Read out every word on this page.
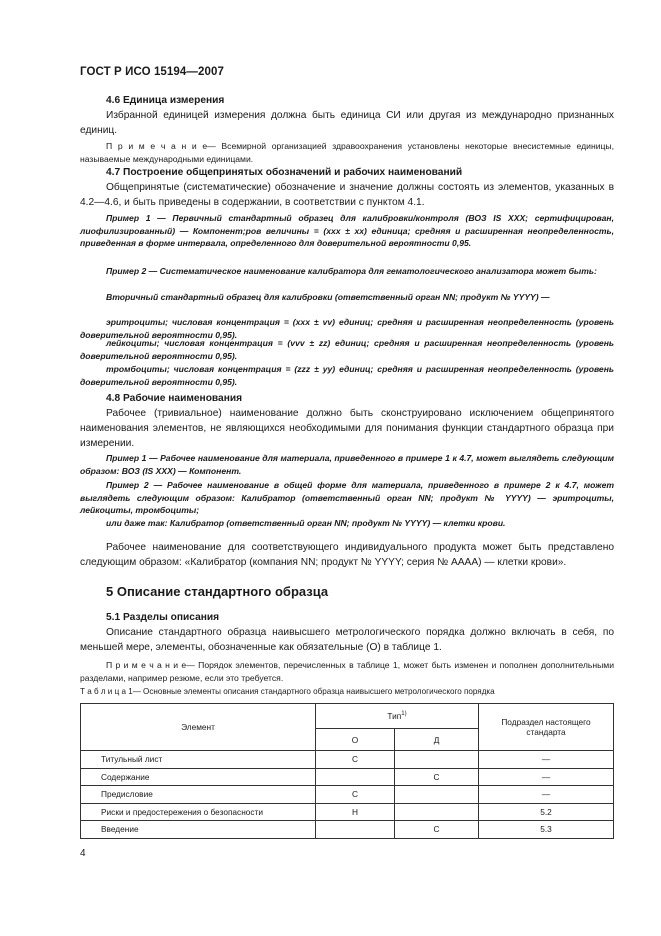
ГОСТ Р ИСО 15194—2007
4.6 Единица измерения
Избранной единицей измерения должна быть единица СИ или другая из международно признанных единиц.
П р и м е ч а н и е— Всемирной организацией здравоохранения установлены некоторые внесистемные единицы, называемые международными единицами.
4.7 Построение общепринятых обозначений и рабочих наименований
Общепринятые (систематические) обозначение и значение должны состоять из элементов, указанных в 4.2—4.6, и быть приведены в содержании, в соответствии с пунктом 4.1.
Пример 1 — Первичный стандартный образец для калибровки/контроля (ВОЗ IS XXX; сертифицирован, лиофилизированный) — Компонент;ров величины = (xxx ± xx) единица; средняя и расширенная неопределенность, приведенная в форме интервала, определенного для доверительной вероятности 0,95.
Пример 2 — Систематическое наименование калибратора для гематологического анализатора может быть:
Вторичный стандартный образец для калибровки (ответственный орган NN; продукт № YYYY) —
эритроциты; числовая концентрация = (xxx ± vv) единиц; средняя и расширенная неопределенность (уровень доверительной вероятности 0,95).
лейкоциты; числовая концентрация = (vvv ± zz) единиц; средняя и расширенная неопределенность (уровень доверительной вероятности 0,95).
тромбоциты; числовая концентрация = (zzz ± yy) единиц; средняя и расширенная неопределенность (уровень доверительной вероятности 0,95).
4.8 Рабочие наименования
Рабочее (тривиальное) наименование должно быть сконструировано исключением общепринятого наименования элементов, не являющихся необходимыми для понимания функции стандартного образца при измерении.
Пример 1 — Рабочее наименование для материала, приведенного в примере 1 к 4.7, может выглядеть следующим образом: ВОЗ (IS XXX) — Компонент.
Пример 2 — Рабочее наименование в общей форме для материала, приведенного в примере 2 к 4.7, может выглядеть следующим образом: Калибратор (ответственный орган NN; продукт № YYYY) — эритроциты, лейкоциты, тромбоциты;
или даже так: Калибратор (ответственный орган NN; продукт № YYYY) — клетки крови.
Рабочее наименование для соответствующего индивидуального продукта может быть представлено следующим образом: «Калибратор (компания NN; продукт № YYYY; серия № АААА) — клетки крови».
5 Описание стандартного образца
5.1 Разделы описания
Описание стандартного образца наивысшего метрологического порядка должно включать в себя, по меньшей мере, элементы, обозначенные как обязательные (О) в таблице 1.
П р и м е ч а н и е— Порядок элементов, перечисленных в таблице 1, может быть изменен и пополнен дополнительными разделами, например резюме, если это требуется.
Т а б л и ц а 1— Основные элементы описания стандартного образца наивысшего метрологического порядка
Элемент	Тип$^{1)}$		Подраздел настоящего стандарта
	О	Д	
Титульный лист	С		—
Содержание		С	—
Предисловие	С		—
Риски и предостережения о безопасности	Н		5.2
Введение		С	5.3
4
